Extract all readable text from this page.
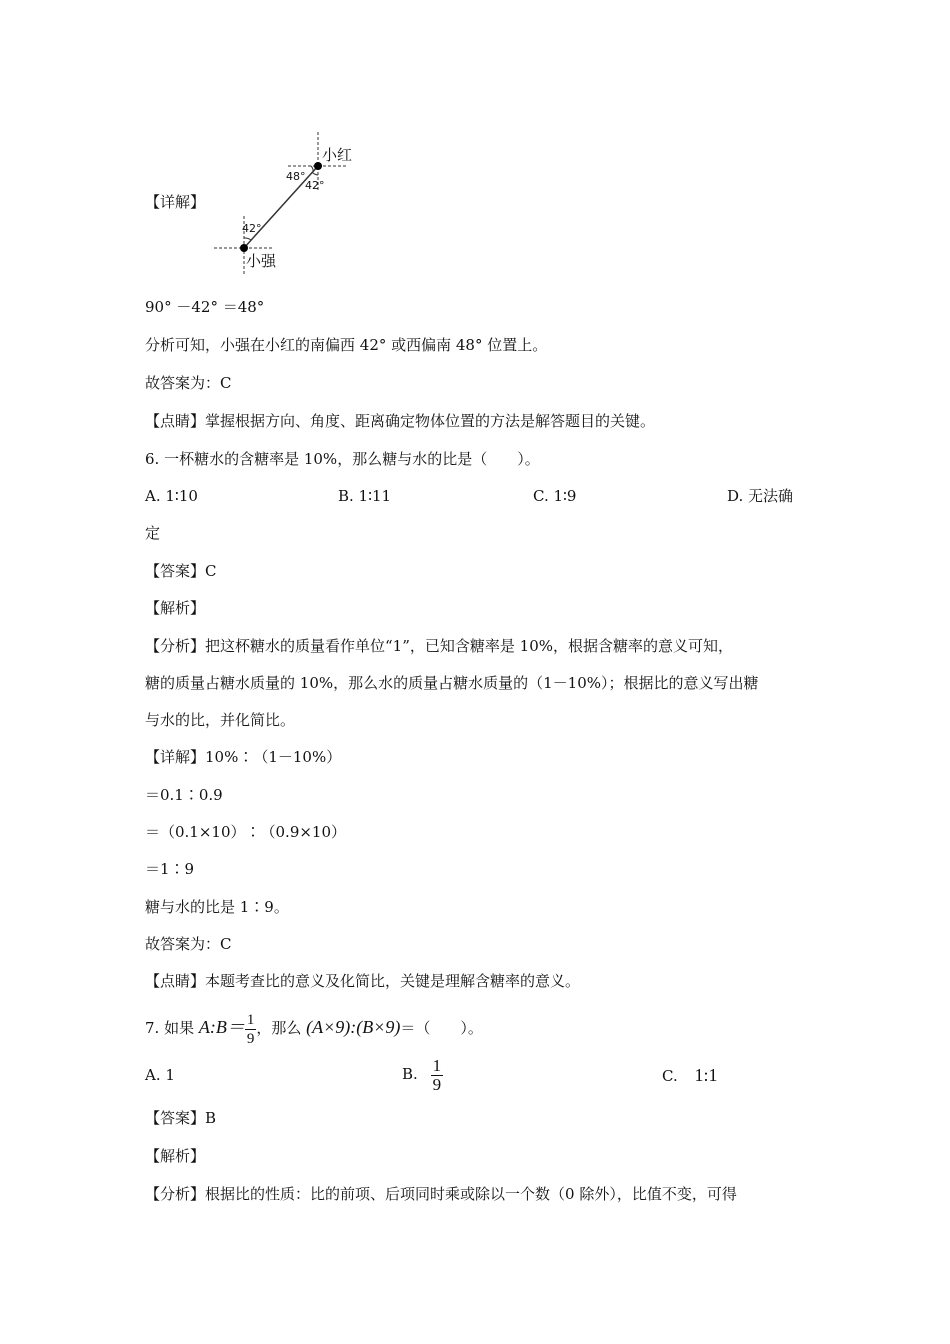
小红
小强
48°
42°
42°
【详解】
90° －42° ＝48°
分析可知，小强在小红的南偏西 42° 或西偏南 48° 位置上。
故答案为：C
【点睛】掌握根据方向、角度、距离确定物体位置的方法是解答题目的关键。
6. 一杯糖水的含糖率是 10%，那么糖与水的比是（　　）。
A. 1∶10	B. 1∶11	C. 1∶9	D. 无法确
定
【答案】C
【解析】
【分析】把这杯糖水的质量看作单位“1”，已知含糖率是 10%，根据含糖率的意义可知，
糖的质量占糖水质量的 10%，那么水的质量占糖水质量的（1－10%）；根据比的意义写出糖
与水的比，并化简比。
【详解】10%∶（1－10%）
＝0.1∶0.9
＝（0.1×10）∶（0.9×10）
＝1∶9
糖与水的比是 1∶9。
故答案为：C
【点睛】本题考查比的意义及化简比，关键是理解含糖率的意义。
7. 如果 A:B＝ $\frac{1}{9}$ ，那么 (A×9):(B×9)＝（　　）。
A. 1	B. $\frac{1}{9}$	C. 1:1
【答案】B
【解析】
【分析】根据比的性质：比的前项、后项同时乘或除以一个数（0 除外），比值不变，可得
